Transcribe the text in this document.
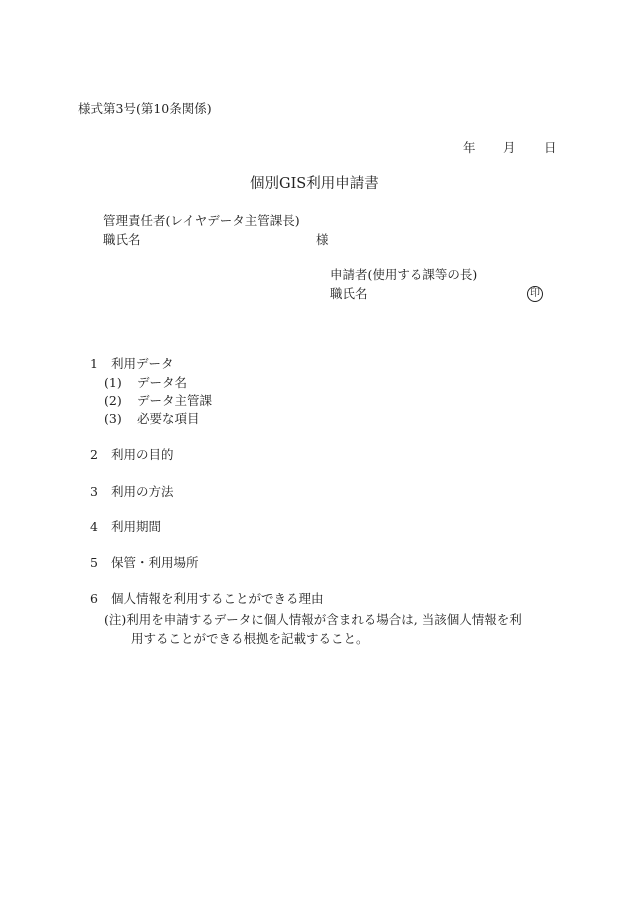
様式第3号(第10条関係)
年 月 日
個別GIS利用申請書
管理責任者(レイヤデータ主管課長)
職氏名	様
申請者(使用する課等の長)
職氏名	印
1 利用データ
(1) データ名
(2) データ主管課
(3) 必要な項目
2 利用の目的
3 利用の方法
4 利用期間
5 保管・利用場所
6 個人情報を利用することができる理由
(注)利用を申請するデータに個人情報が含まれる場合は, 当該個人情報を利
用することができる根拠を記載すること。
